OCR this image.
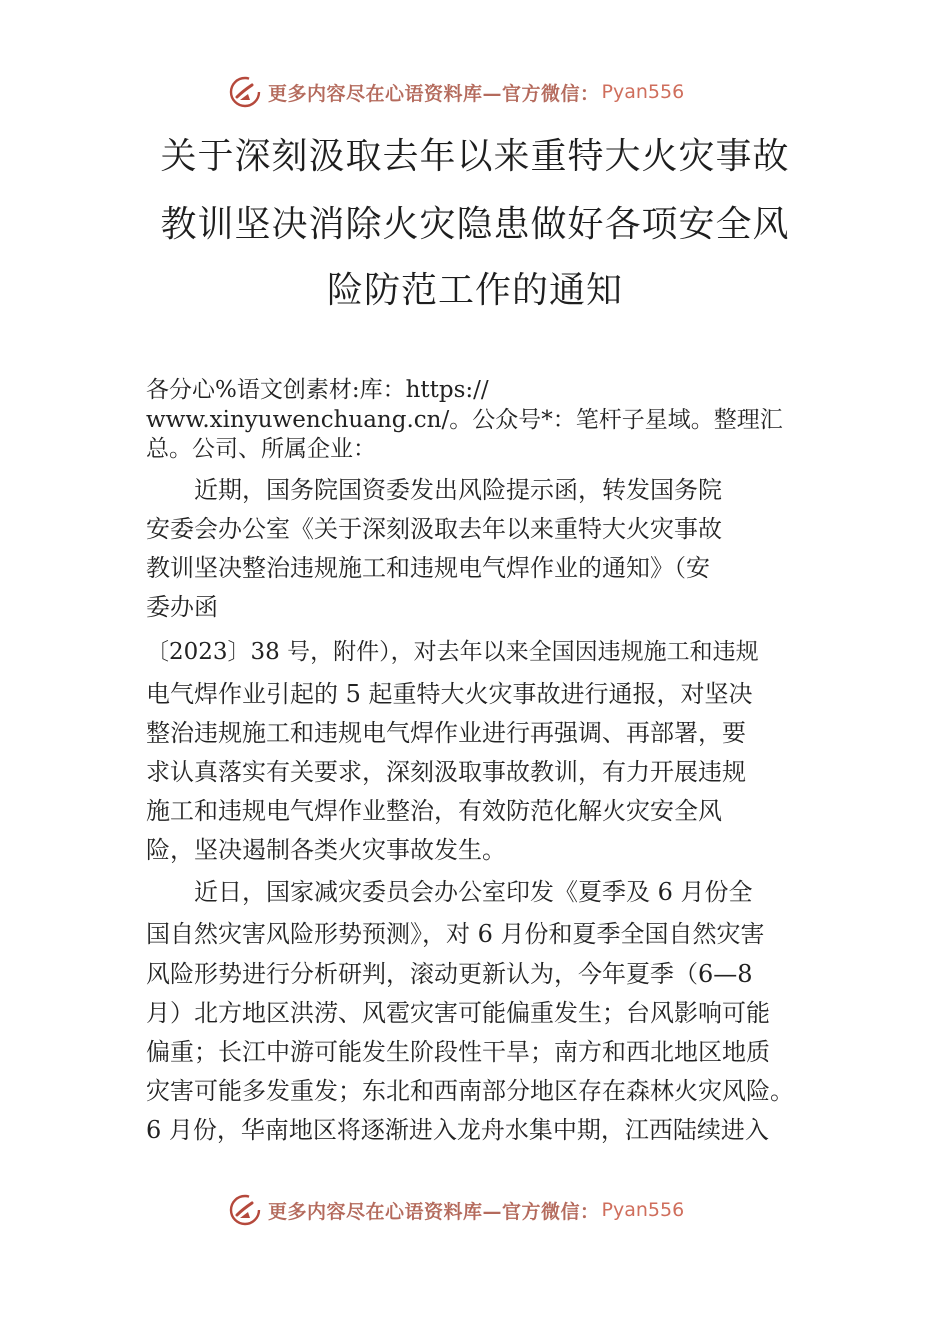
更多内容尽在心语资料库—官方微信： Pyan556
关于深刻汲取去年以来重特大火灾事故
教训坚决消除火灾隐患做好各项安全风
险防范工作的通知
各分心%语文创素材:库：https://
www.xinyuwenchuang.cn/。公众号*：笔杆子星域。整理汇
总。公司、所属企业：
近期，国务院国资委发出风险提示函，转发国务院
安委会办公室《关于深刻汲取去年以来重特大火灾事故
教训坚决整治违规施工和违规电气焊作业的通知》（安
委办函
〔2023〕38 号，附件），对去年以来全国因违规施工和违规
电气焊作业引起的 5 起重特大火灾事故进行通报，对坚决
整治违规施工和违规电气焊作业进行再强调、再部署，要
求认真落实有关要求，深刻汲取事故教训，有力开展违规
施工和违规电气焊作业整治，有效防范化解火灾安全风
险，坚决遏制各类火灾事故发生。
近日，国家减灾委员会办公室印发《夏季及 6 月份全
国自然灾害风险形势预测》，对 6 月份和夏季全国自然灾害
风险形势进行分析研判，滚动更新认为，今年夏季（6—8
月）北方地区洪涝、风雹灾害可能偏重发生；台风影响可能
偏重；长江中游可能发生阶段性干旱；南方和西北地区地质
灾害可能多发重发；东北和西南部分地区存在森林火灾风险。
6 月份，华南地区将逐渐进入龙舟水集中期，江西陆续进入
更多内容尽在心语资料库—官方微信： Pyan556
